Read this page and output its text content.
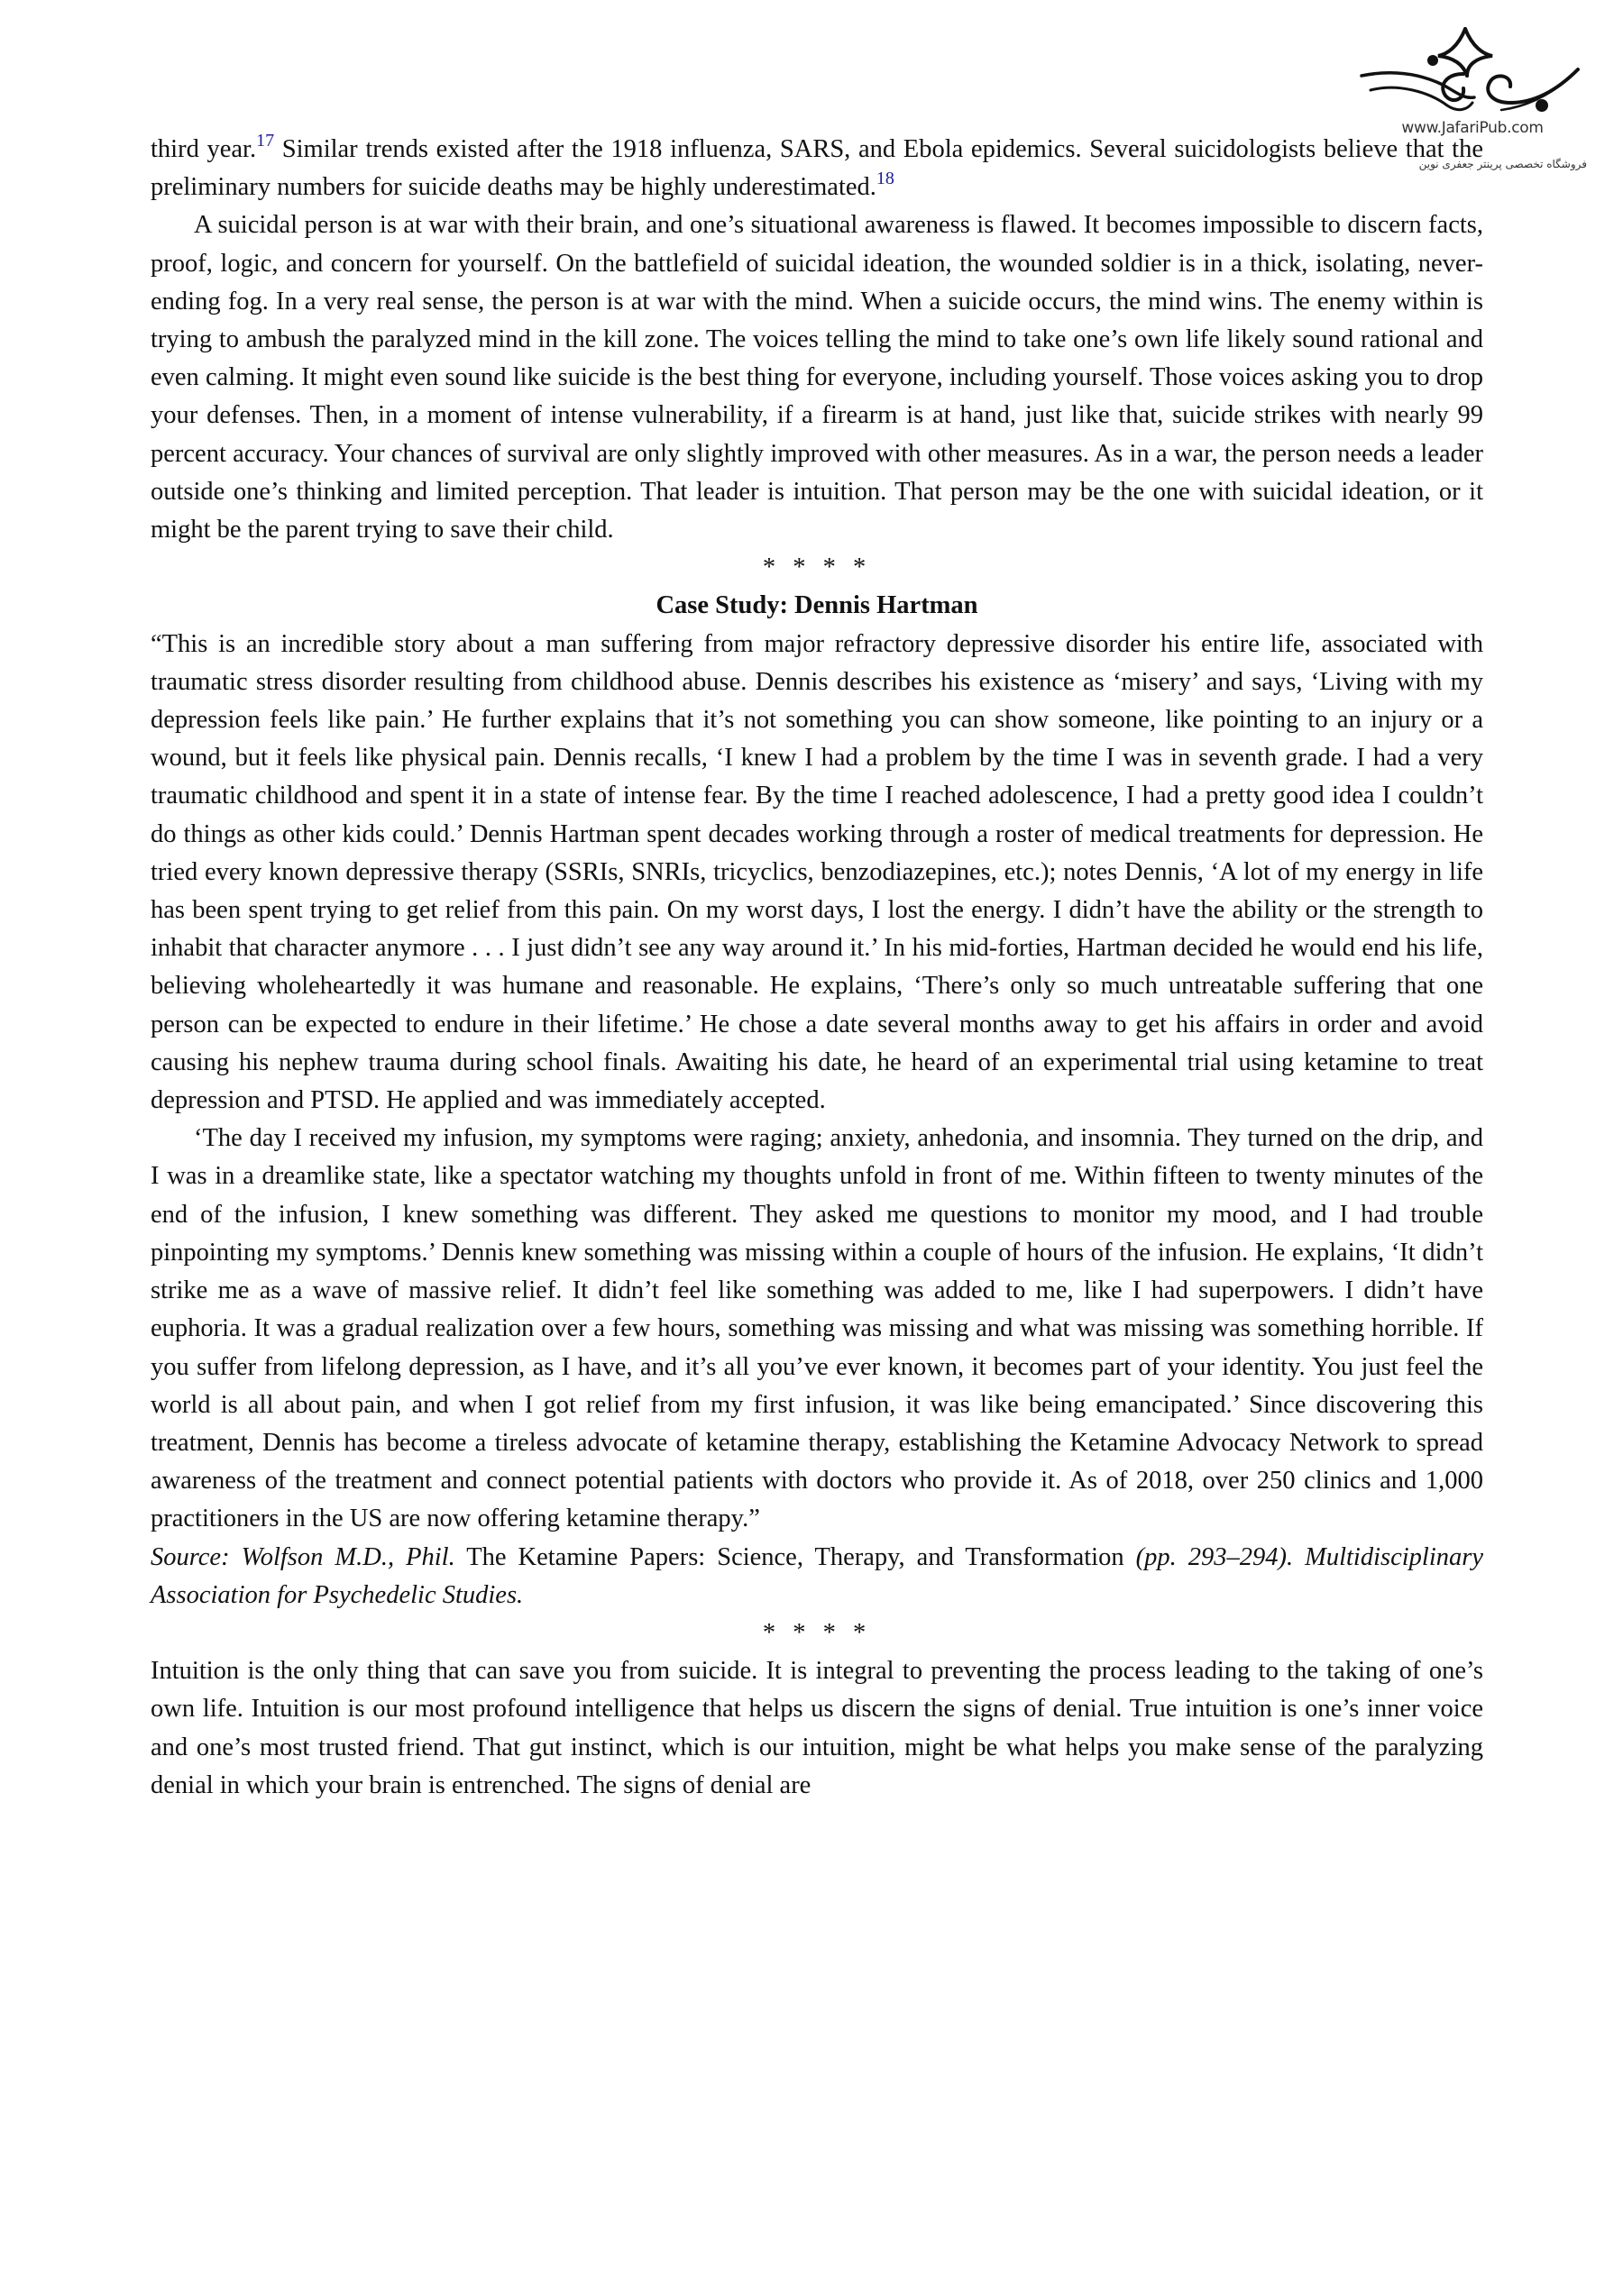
www.JafariPub.com
فروشگاه تخصصی پرینتر جعفری نوین

third year.$^{17}$ Similar trends existed after the 1918 influenza, SARS, and Ebola epidemics. Several suicidologists believe that the preliminary numbers for suicide deaths may be highly underestimated.$^{18}$

A suicidal person is at war with their brain, and one’s situational awareness is flawed. It becomes impossible to discern facts, proof, logic, and concern for yourself. On the battlefield of suicidal ideation, the wounded soldier is in a thick, isolating, never-ending fog. In a very real sense, the person is at war with the mind. When a suicide occurs, the mind wins. The enemy within is trying to ambush the paralyzed mind in the kill zone. The voices telling the mind to take one’s own life likely sound rational and even calming. It might even sound like suicide is the best thing for everyone, including yourself. Those voices asking you to drop your defenses. Then, in a moment of intense vulnerability, if a firearm is at hand, just like that, suicide strikes with nearly 99 percent accuracy. Your chances of survival are only slightly improved with other measures. As in a war, the person needs a leader outside one’s thinking and limited perception. That leader is intuition. That person may be the one with suicidal ideation, or it might be the parent trying to save their child.

* * * *

Case Study: Dennis Hartman

“This is an incredible story about a man suffering from major refractory depressive disorder his entire life, associated with traumatic stress disorder resulting from childhood abuse. Dennis describes his existence as ‘misery’ and says, ‘Living with my depression feels like pain.’ He further explains that it’s not something you can show someone, like pointing to an injury or a wound, but it feels like physical pain. Dennis recalls, ‘I knew I had a problem by the time I was in seventh grade. I had a very traumatic childhood and spent it in a state of intense fear. By the time I reached adolescence, I had a pretty good idea I couldn’t do things as other kids could.’ Dennis Hartman spent decades working through a roster of medical treatments for depression. He tried every known depressive therapy (SSRIs, SNRIs, tricyclics, benzodiazepines, etc.); notes Dennis, ‘A lot of my energy in life has been spent trying to get relief from this pain. On my worst days, I lost the energy. I didn’t have the ability or the strength to inhabit that character anymore . . . I just didn’t see any way around it.’ In his mid-forties, Hartman decided he would end his life, believing wholeheartedly it was humane and reasonable. He explains, ‘There’s only so much untreatable suffering that one person can be expected to endure in their lifetime.’ He chose a date several months away to get his affairs in order and avoid causing his nephew trauma during school finals. Awaiting his date, he heard of an experimental trial using ketamine to treat depression and PTSD. He applied and was immediately accepted.

‘The day I received my infusion, my symptoms were raging; anxiety, anhedonia, and insomnia. They turned on the drip, and I was in a dreamlike state, like a spectator watching my thoughts unfold in front of me. Within fifteen to twenty minutes of the end of the infusion, I knew something was different. They asked me questions to monitor my mood, and I had trouble pinpointing my symptoms.’ Dennis knew something was missing within a couple of hours of the infusion. He explains, ‘It didn’t strike me as a wave of massive relief. It didn’t feel like something was added to me, like I had superpowers. I didn’t have euphoria. It was a gradual realization over a few hours, something was missing and what was missing was something horrible. If you suffer from lifelong depression, as I have, and it’s all you’ve ever known, it becomes part of your identity. You just feel the world is all about pain, and when I got relief from my first infusion, it was like being emancipated.’ Since discovering this treatment, Dennis has become a tireless advocate of ketamine therapy, establishing the Ketamine Advocacy Network to spread awareness of the treatment and connect potential patients with doctors who provide it. As of 2018, over 250 clinics and 1,000 practitioners in the US are now offering ketamine therapy.”

Source: Wolfson M.D., Phil. The Ketamine Papers: Science, Therapy, and Transformation (pp. 293–294). Multidisciplinary Association for Psychedelic Studies.

* * * *

Intuition is the only thing that can save you from suicide. It is integral to preventing the process leading to the taking of one’s own life. Intuition is our most profound intelligence that helps us discern the signs of denial. True intuition is one’s inner voice and one’s most trusted friend. That gut instinct, which is our intuition, might be what helps you make sense of the paralyzing denial in which your brain is entrenched. The signs of denial are
